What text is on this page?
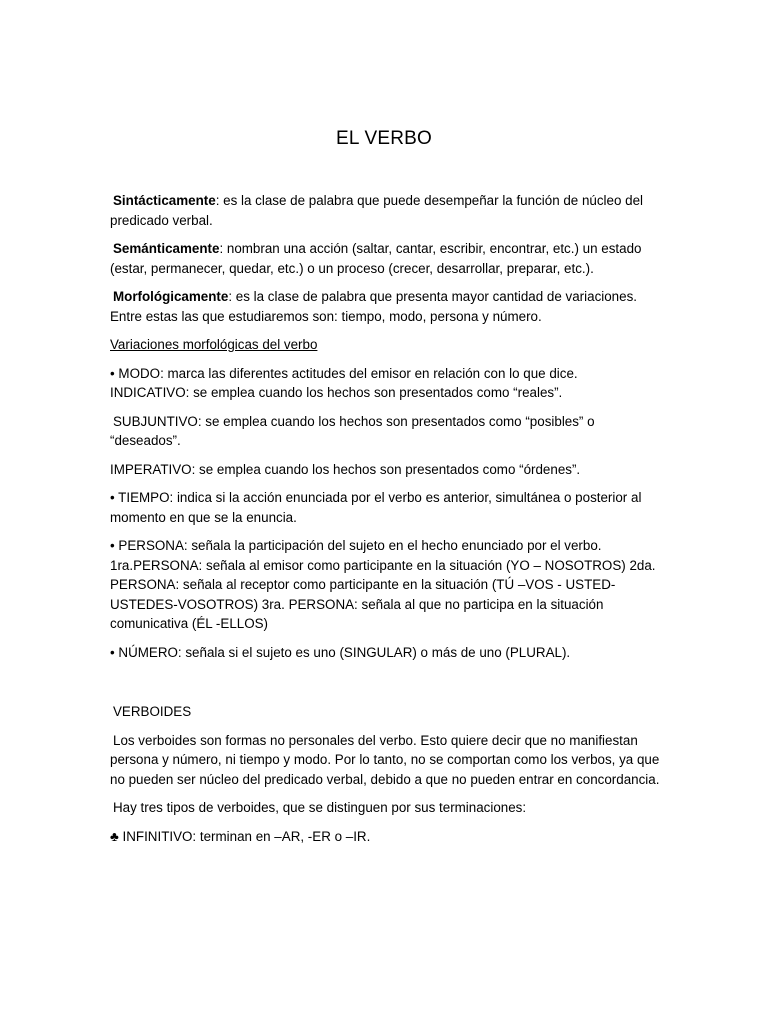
EL VERBO

Sintácticamente: es la clase de palabra que puede desempeñar la función de núcleo del predicado verbal.

Semánticamente: nombran una acción (saltar, cantar, escribir, encontrar, etc.) un estado (estar, permanecer, quedar, etc.) o un proceso (crecer, desarrollar, preparar, etc.).

Morfológicamente: es la clase de palabra que presenta mayor cantidad de variaciones. Entre estas las que estudiaremos son: tiempo, modo, persona y número.

Variaciones morfológicas del verbo

• MODO: marca las diferentes actitudes del emisor en relación con lo que dice. INDICATIVO: se emplea cuando los hechos son presentados como “reales”.

SUBJUNTIVO: se emplea cuando los hechos son presentados como “posibles” o “deseados”.

IMPERATIVO: se emplea cuando los hechos son presentados como “órdenes”.

• TIEMPO: indica si la acción enunciada por el verbo es anterior, simultánea o posterior al momento en que se la enuncia.

• PERSONA: señala la participación del sujeto en el hecho enunciado por el verbo. 1ra.PERSONA: señala al emisor como participante en la situación (YO – NOSOTROS) 2da. PERSONA: señala al receptor como participante en la situación (TÚ –VOS - USTED- USTEDES-VOSOTROS) 3ra. PERSONA: señala al que no participa en la situación comunicativa (ÉL -ELLOS)

• NÚMERO: señala si el sujeto es uno (SINGULAR) o más de uno (PLURAL).

VERBOIDES

Los verboides son formas no personales del verbo. Esto quiere decir que no manifiestan persona y número, ni tiempo y modo. Por lo tanto, no se comportan como los verbos, ya que no pueden ser núcleo del predicado verbal, debido a que no pueden entrar en concordancia.

Hay tres tipos de verboides, que se distinguen por sus terminaciones:

♣ INFINITIVO: terminan en –AR, -ER o –IR.
